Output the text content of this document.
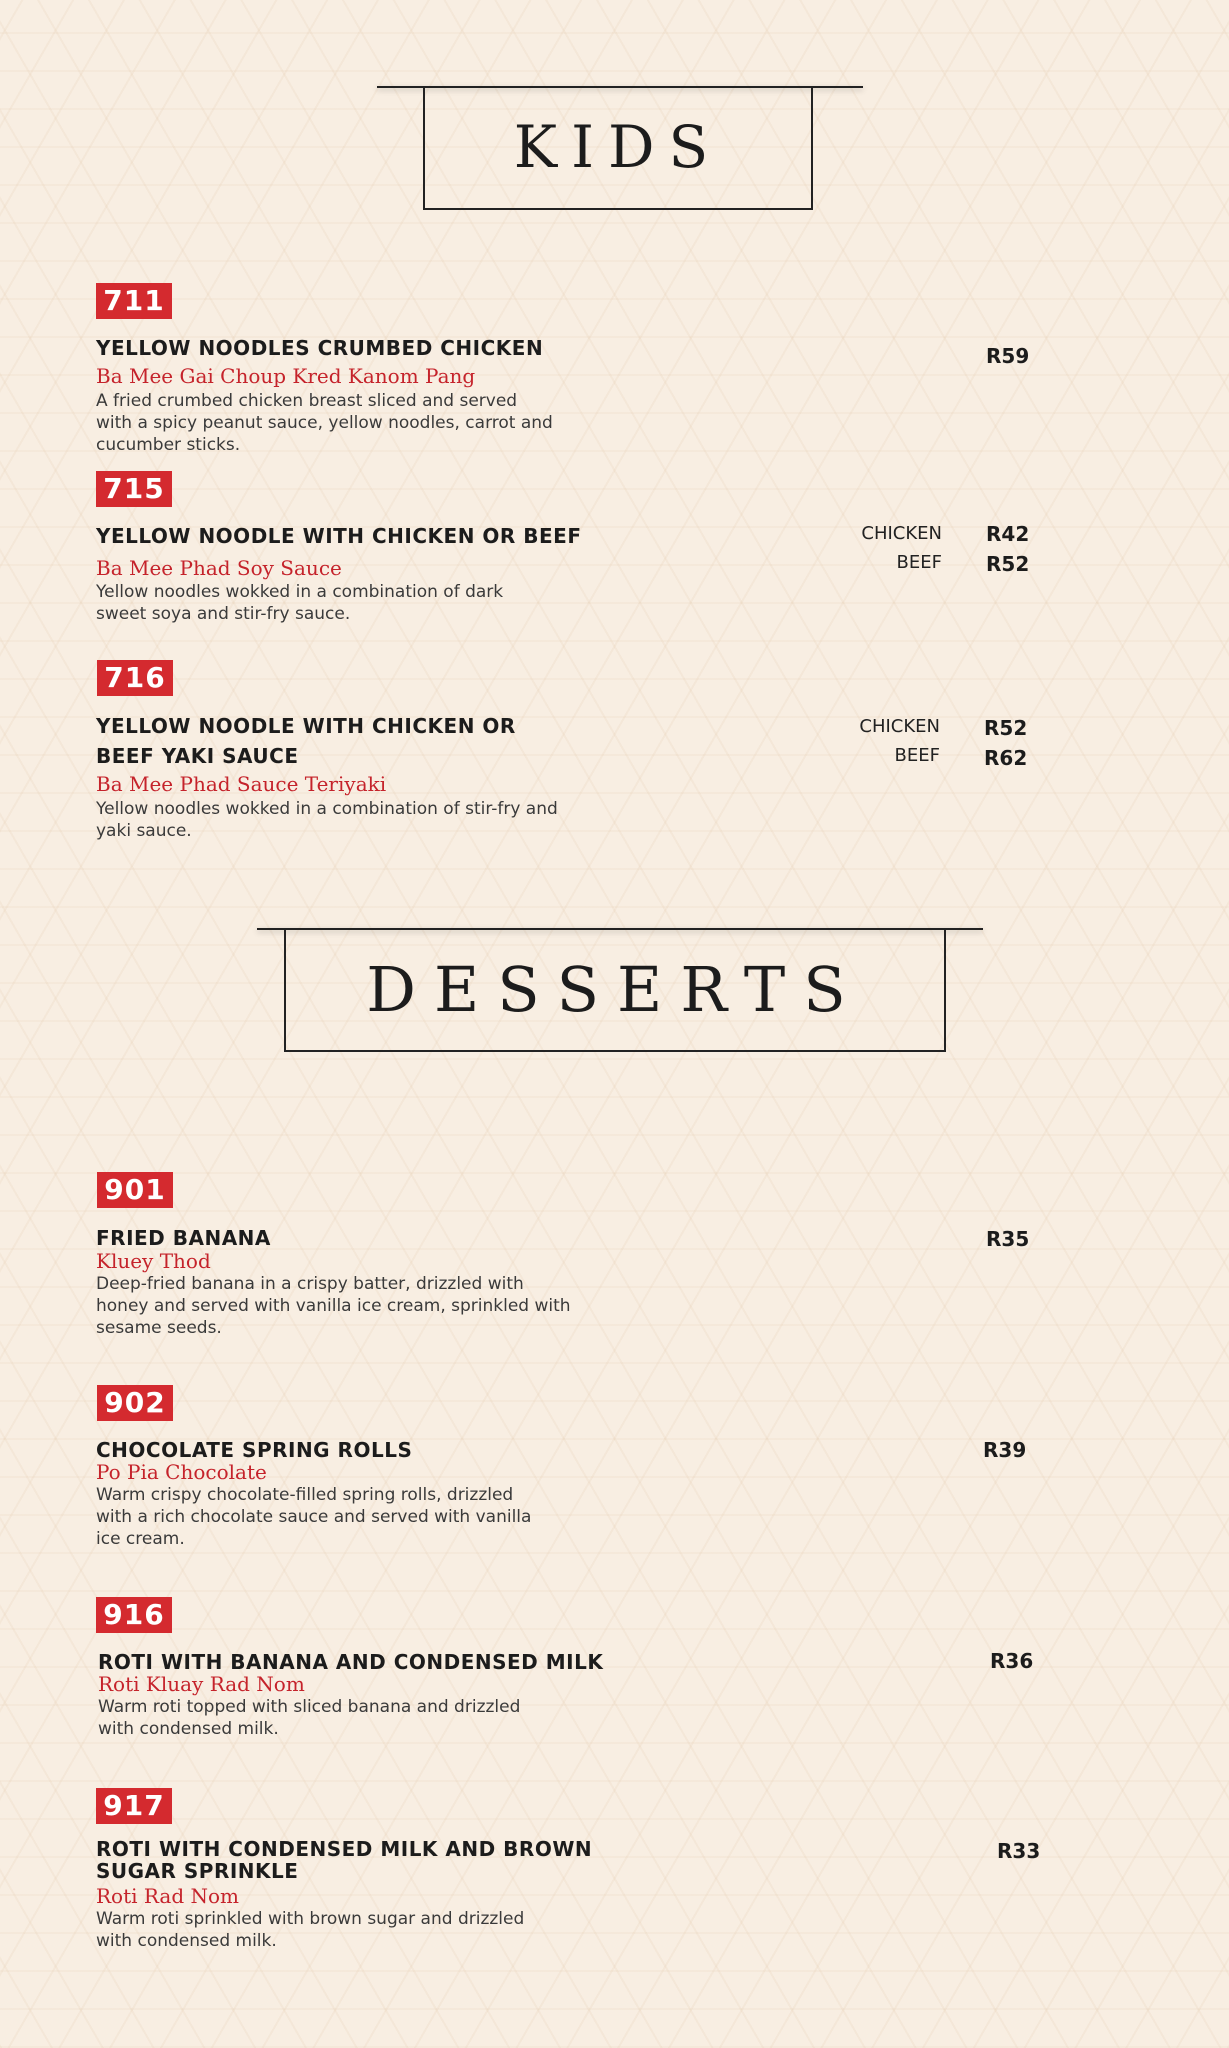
KIDS
711
YELLOW NOODLES CRUMBED CHICKEN
Ba Mee Gai Choup Kred Kanom Pang
A fried crumbed chicken breast sliced and served
with a spicy peanut sauce, yellow noodles, carrot and
cucumber sticks.
R59
715
YELLOW NOODLE WITH CHICKEN OR BEEF
Ba Mee Phad Soy Sauce
Yellow noodles wokked in a combination of dark
sweet soya and stir-fry sauce.
CHICKEN R42
BEEF R52
716
YELLOW NOODLE WITH CHICKEN OR
BEEF YAKI SAUCE
Ba Mee Phad Sauce Teriyaki
Yellow noodles wokked in a combination of stir-fry and
yaki sauce.
CHICKEN R52
BEEF R62
DESSERTS
901
FRIED BANANA
Kluey Thod
Deep-fried banana in a crispy batter, drizzled with
honey and served with vanilla ice cream, sprinkled with
sesame seeds.
R35
902
CHOCOLATE SPRING ROLLS
Po Pia Chocolate
Warm crispy chocolate-filled spring rolls, drizzled
with a rich chocolate sauce and served with vanilla
ice cream.
R39
916
ROTI WITH BANANA AND CONDENSED MILK
Roti Kluay Rad Nom
Warm roti topped with sliced banana and drizzled
with condensed milk.
R36
917
ROTI WITH CONDENSED MILK AND BROWN
SUGAR SPRINKLE
Roti Rad Nom
Warm roti sprinkled with brown sugar and drizzled
with condensed milk.
R33
